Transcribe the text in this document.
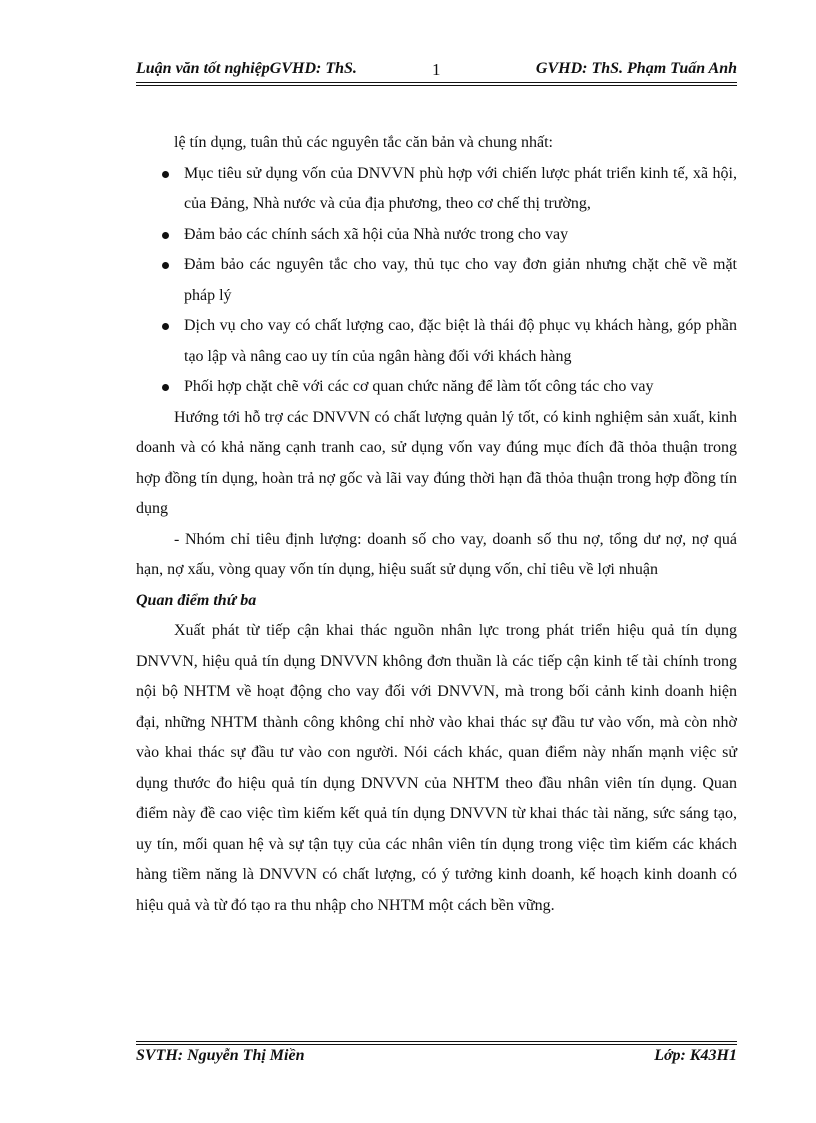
Luận văn tốt nghiệpGVHD: ThS.	1	GVHD: ThS. Phạm Tuấn Anh

lệ tín dụng, tuân thủ các nguyên tắc căn bản và chung nhất:

Mục tiêu sử dụng vốn của DNVVN phù hợp với chiến lược phát triển kinh tế, xã hội, của Đảng, Nhà nước và của địa phương, theo cơ chế thị trường,
Đảm bảo các chính sách xã hội của Nhà nước trong cho vay
Đảm bảo các nguyên tắc cho vay, thủ tục cho vay đơn giản nhưng chặt chẽ về mặt pháp lý
Dịch vụ cho vay có chất lượng cao, đặc biệt là thái độ phục vụ khách hàng, góp phần tạo lập và nâng cao uy tín của ngân hàng đối với khách hàng
Phối hợp chặt chẽ với các cơ quan chức năng để làm tốt công tác cho vay

Hướng tới hỗ trợ các DNVVN có chất lượng quản lý tốt, có kinh nghiệm sản xuất, kinh doanh và có khả năng cạnh tranh cao, sử dụng vốn vay đúng mục đích đã thỏa thuận trong hợp đồng tín dụng, hoàn trả nợ gốc và lãi vay đúng thời hạn đã thỏa thuận trong hợp đồng tín dụng

- Nhóm chỉ tiêu định lượng: doanh số cho vay, doanh số thu nợ, tổng dư nợ, nợ quá hạn, nợ xấu, vòng quay vốn tín dụng, hiệu suất sử dụng vốn, chỉ tiêu về lợi nhuận

Quan điểm thứ ba

Xuất phát từ tiếp cận khai thác nguồn nhân lực trong phát triển hiệu quả tín dụng DNVVN, hiệu quả tín dụng DNVVN không đơn thuần là các tiếp cận kinh tế tài chính trong nội bộ NHTM về hoạt động cho vay đối với DNVVN, mà trong bối cảnh kinh doanh hiện đại, những NHTM thành công không chỉ nhờ vào khai thác sự đầu tư vào vốn, mà còn nhờ vào khai thác sự đầu tư vào con người. Nói cách khác, quan điểm này nhấn mạnh việc sử dụng thước đo hiệu quả tín dụng DNVVN của NHTM theo đầu nhân viên tín dụng. Quan điểm này đề cao việc tìm kiếm kết quả tín dụng DNVVN từ khai thác tài năng, sức sáng tạo, uy tín, mối quan hệ và sự tận tụy của các nhân viên tín dụng trong việc tìm kiếm các khách hàng tiềm năng là DNVVN có chất lượng, có ý tưởng kinh doanh, kế hoạch kinh doanh có hiệu quả và từ đó tạo ra thu nhập cho NHTM một cách bền vững.

SVTH: Nguyễn Thị Miền	Lớp: K43H1
